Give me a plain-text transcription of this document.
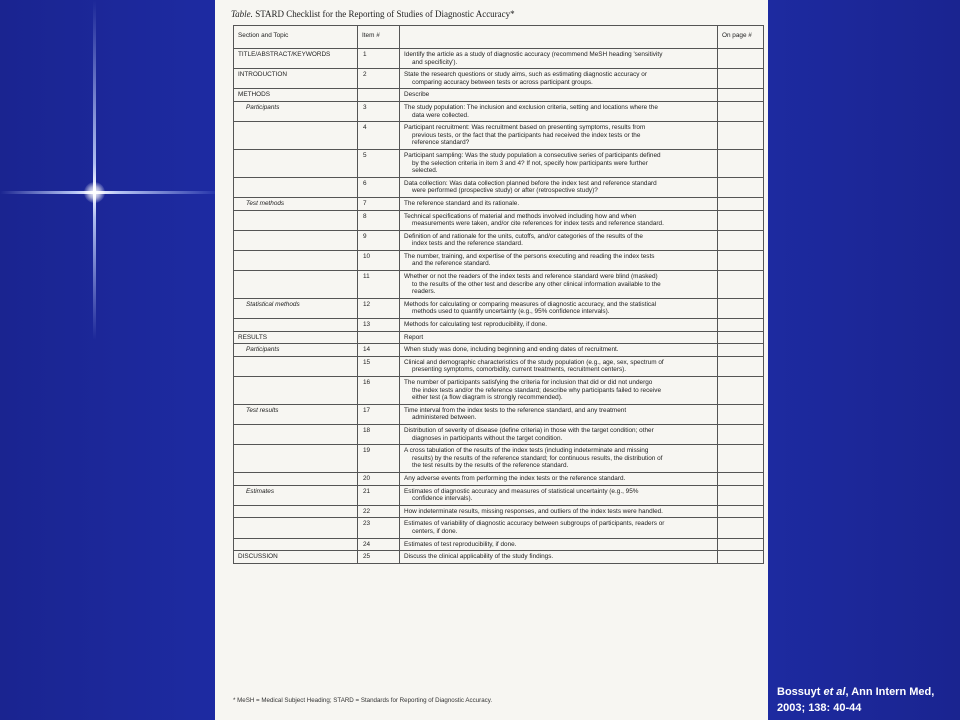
Table. STARD Checklist for the Reporting of Studies of Diagnostic Accuracy*
Section and Topic	Item #		On page #
TITLE/ABSTRACT/KEYWORDS	1	Identify the article as a study of diagnostic accuracy (recommend MeSH heading 'sensitivity
and specificity').	

INTRODUCTION	2	State the research questions or study aims, such as estimating diagnostic accuracy or
comparing accuracy between tests or across participant groups.	

METHODS		Describe	

Participants	3	The study population: The inclusion and exclusion criteria, setting and locations where the
data were collected.	

	4	Participant recruitment: Was recruitment based on presenting symptoms, results from
previous tests, or the fact that the participants had received the index tests or the
reference standard?	

	5	Participant sampling: Was the study population a consecutive series of participants defined
by the selection criteria in item 3 and 4? If not, specify how participants were further
selected.	

	6	Data collection: Was data collection planned before the index test and reference standard
were performed (prospective study) or after (retrospective study)?	

Test methods	7	The reference standard and its rationale.	

	8	Technical specifications of material and methods involved including how and when
measurements were taken, and/or cite references for index tests and reference standard.	

	9	Definition of and rationale for the units, cutoffs, and/or categories of the results of the
index tests and the reference standard.	

	10	The number, training, and expertise of the persons executing and reading the index tests
and the reference standard.	

	11	Whether or not the readers of the index tests and reference standard were blind (masked)
to the results of the other test and describe any other clinical information available to the
readers.	

Statistical methods	12	Methods for calculating or comparing measures of diagnostic accuracy, and the statistical
methods used to quantify uncertainty (e.g., 95% confidence intervals).	

	13	Methods for calculating test reproducibility, if done.	

RESULTS		Report	

Participants	14	When study was done, including beginning and ending dates of recruitment.	

	15	Clinical and demographic characteristics of the study population (e.g., age, sex, spectrum of
presenting symptoms, comorbidity, current treatments, recruitment centers).	

	16	The number of participants satisfying the criteria for inclusion that did or did not undergo
the index tests and/or the reference standard; describe why participants failed to receive
either test (a flow diagram is strongly recommended).	

Test results	17	Time interval from the index tests to the reference standard, and any treatment
administered between.	

	18	Distribution of severity of disease (define criteria) in those with the target condition; other
diagnoses in participants without the target condition.	

	19	A cross tabulation of the results of the index tests (including indeterminate and missing
results) by the results of the reference standard; for continuous results, the distribution of
the test results by the results of the reference standard.	

	20	Any adverse events from performing the index tests or the reference standard.	

Estimates	21	Estimates of diagnostic accuracy and measures of statistical uncertainty (e.g., 95%
confidence intervals).	

	22	How indeterminate results, missing responses, and outliers of the index tests were handled.	

	23	Estimates of variability of diagnostic accuracy between subgroups of participants, readers or
centers, if done.	

	24	Estimates of test reproducibility, if done.	

DISCUSSION	25	Discuss the clinical applicability of the study findings.	

* MeSH = Medical Subject Heading; STARD = Standards for Reporting of Diagnostic Accuracy.
Bossuyt et al, Ann Intern Med,
2003; 138: 40-44
